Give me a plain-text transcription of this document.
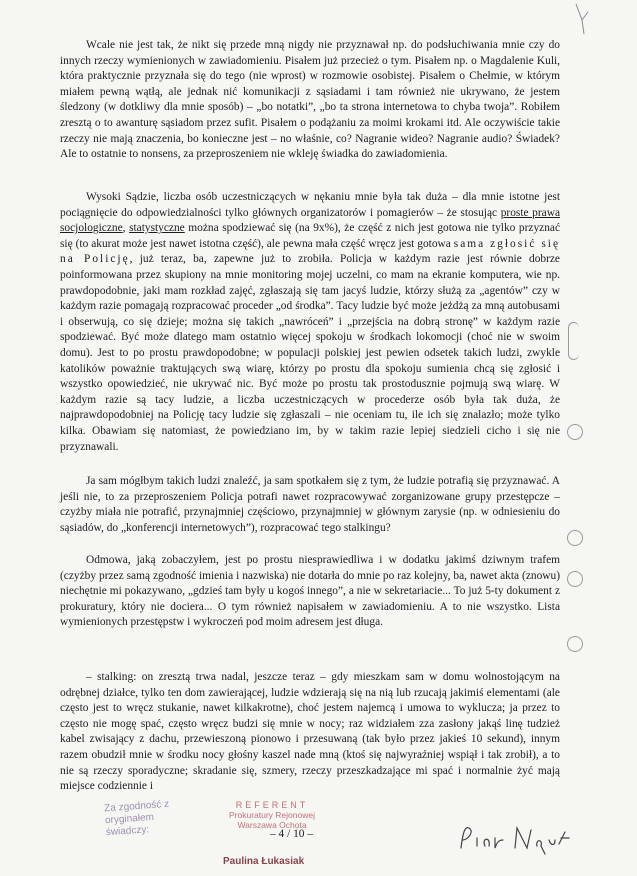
Wcale nie jest tak, że nikt się przede mną nigdy nie przyznawał np. do podsłuchiwania mnie czy do innych rzeczy wymienionych w zawiadomieniu. Pisałem już przecież o tym. Pisałem np. o Magdalenie Kuli, która praktycznie przyznała się do tego (nie wprost) w rozmowie osobistej. Pisałem o Chełmie, w którym miałem pewną wątłą, ale jednak nić komunikacji z sąsiadami i tam również nie ukrywano, że jestem śledzony (w dotkliwy dla mnie sposób) – „bo notatki”, „bo ta strona internetowa to chyba twoja”. Robiłem zresztą o to awanturę sąsiadom przez sufit. Pisałem o podążaniu za moimi krokami itd. Ale oczywiście takie rzeczy nie mają znaczenia, bo konieczne jest – no właśnie, co? Nagranie wideo? Nagranie audio? Świadek? Ale to ostatnie to nonsens, za przeproszeniem nie wkleję świadka do zawiadomienia.

Wysoki Sądzie, liczba osób uczestniczących w nękaniu mnie była tak duża – dla mnie istotne jest pociągnięcie do odpowiedzialności tylko głównych organizatorów i pomagierów – że stosując proste prawa socjologiczne, statystyczne można spodziewać się (na 9x%), że część z nich jest gotowa nie tylko przyznać się (to akurat może jest nawet istotna część), ale pewna mała część wręcz jest gotowa sama zgłosić się na Policję, już teraz, ba, zapewne już to zrobiła. Policja w każdym razie jest równie dobrze poinformowana przez skupiony na mnie monitoring mojej uczelni, co mam na ekranie komputera, wie np. prawdopodobnie, jaki mam rozkład zajęć, zgłaszają się tam jacyś ludzie, którzy służą za „agentów” czy w każdym razie pomagają rozpracować proceder „od środka”. Tacy ludzie być może jeżdżą za mną autobusami i obserwują, co się dzieje; można się takich „nawróceń” i „przejścia na dobrą stronę” w każdym razie spodziewać. Być może dlatego mam ostatnio więcej spokoju w środkach lokomocji (choć nie w swoim domu). Jest to po prostu prawdopodobne; w populacji polskiej jest pewien odsetek takich ludzi, zwykle katolików poważnie traktujących swą wiarę, którzy po prostu dla spokoju sumienia chcą się zgłosić i wszystko opowiedzieć, nie ukrywać nic. Być może po prostu tak prostodusznie pojmują swą wiarę. W każdym razie są tacy ludzie, a liczba uczestniczących w procederze osób była tak duża, że najprawdopodobniej na Policję tacy ludzie się zgłaszali – nie oceniam tu, ile ich się znalazło; może tylko kilka. Obawiam się natomiast, że powiedziano im, by w takim razie lepiej siedzieli cicho i się nie przyznawali.

Ja sam mógłbym takich ludzi znaleźć, ja sam spotkałem się z tym, że ludzie potrafią się przyznawać. A jeśli nie, to za przeproszeniem Policja potrafi nawet rozpracowywać zorganizowane grupy przestępcze – czyżby miała nie potrafić, przynajmniej częściowo, przynajmniej w głównym zarysie (np. w odniesieniu do sąsiadów, do „konferencji internetowych”), rozpracować tego stalkingu?

Odmowa, jaką zobaczyłem, jest po prostu niesprawiedliwa i w dodatku jakimś dziwnym trafem (czyżby przez samą zgodność imienia i nazwiska) nie dotarła do mnie po raz kolejny, ba, nawet akta (znowu) niechętnie mi pokazywano, „gdzieś tam były u kogoś innego”, a nie w sekretariacie... To już 5-ty dokument z prokuratury, który nie dociera... O tym również napisałem w zawiadomieniu. A to nie wszystko. Lista wymienionych przestępstw i wykroczeń pod moim adresem jest długa.

– stalking: on zresztą trwa nadal, jeszcze teraz – gdy mieszkam sam w domu wolnostojącym na odrębnej działce, tylko ten dom zawierającej, ludzie wdzierają się na nią lub rzucają jakimiś elementami (ale często jest to wręcz stukanie, nawet kilkakrotne), choć jestem najemcą i umowa to wyklucza; ja przez to często nie mogę spać, często wręcz budzi się mnie w nocy; raz widziałem zza zasłony jakąś linę tudzież kabel zwisający z dachu, przewieszoną pionowo i przesuwaną (tak było przez jakieś 10 sekund), innym razem obudził mnie w środku nocy głośny kaszel nade mną (ktoś się najwyraźniej wspiął i tak zrobił), a to nie są rzeczy sporadyczne; skradanie się, szmery, rzeczy przeszkadzające mi spać i normalnie żyć mają miejsce codziennie i

– 4 / 10 –
Za zgodność z oryginałem świadczy:
REFERENT
Prokuratury Rejonowej
Warszawa Ochota
Paulina Łukasiak
